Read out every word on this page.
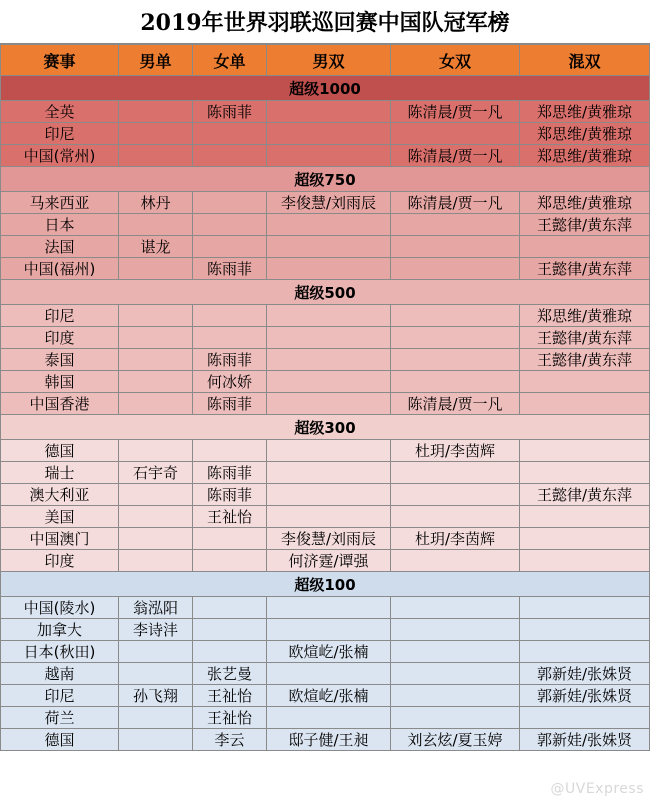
2019年世界羽联巡回赛中国队冠军榜
赛事	男单	女单	男双	女双	混双
超级1000					
全英		陈雨菲		陈清晨/贾一凡	郑思维/黄雅琼
印尼					郑思维/黄雅琼
中国(常州)				陈清晨/贾一凡	郑思维/黄雅琼
超级750					
马来西亚	林丹		李俊慧/刘雨辰	陈清晨/贾一凡	郑思维/黄雅琼
日本					王懿律/黄东萍
法国	谌龙				
中国(福州)		陈雨菲			王懿律/黄东萍
超级500					
印尼					郑思维/黄雅琼
印度					王懿律/黄东萍
泰国		陈雨菲			王懿律/黄东萍
韩国		何冰娇			
中国香港		陈雨菲		陈清晨/贾一凡	
超级300					
德国				杜玥/李茵辉	
瑞士	石宇奇	陈雨菲			
澳大利亚		陈雨菲			王懿律/黄东萍
美国		王祉怡			
中国澳门			李俊慧/刘雨辰	杜玥/李茵辉	
印度			何济霆/谭强		
超级100					
中国(陵水)	翁泓阳				
加拿大	李诗沣				
日本(秋田)			欧煊屹/张楠		
越南		张艺曼			郭新娃/张姝贤
印尼	孙飞翔	王祉怡	欧煊屹/张楠		郭新娃/张姝贤
荷兰		王祉怡			
德国		李云	邸子健/王昶	刘玄炫/夏玉婷	郭新娃/张姝贤
@UVExpress
